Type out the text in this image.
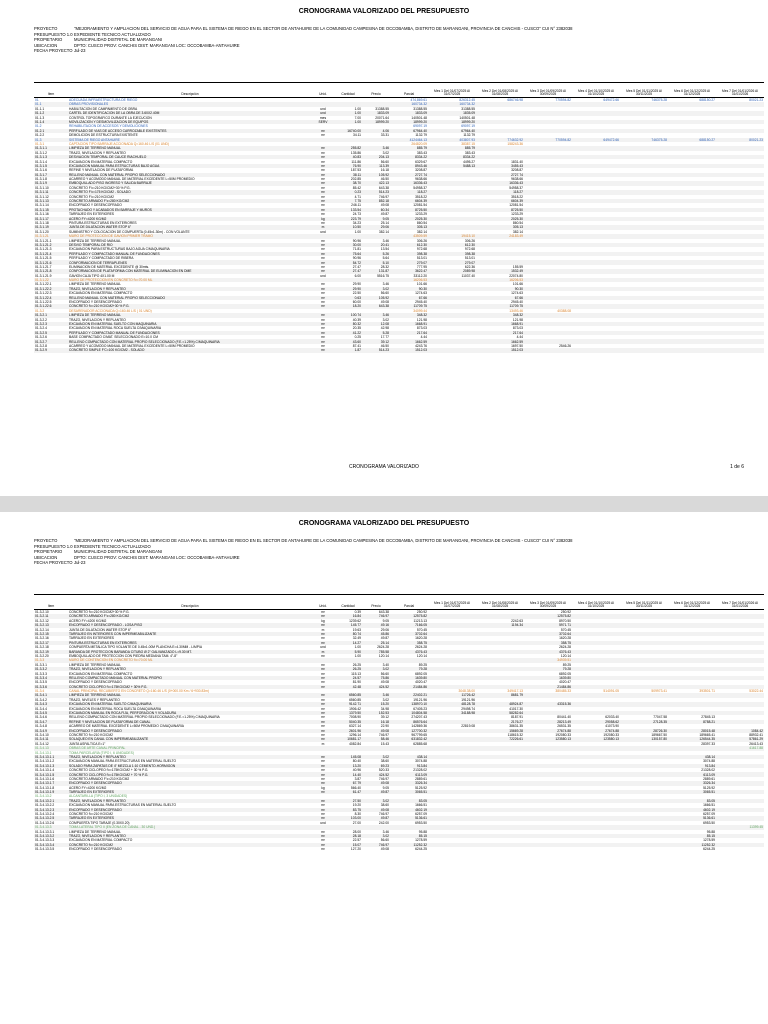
CRONOGRAMA VALORIZADO DEL PRESUPUESTO
PROYECTO	"MEJORAMIENTO Y AMPLIACION DEL SERVICIO DE AGUA PARA EL SISTEMA DE RIEGO EN EL SECTOR DE ANTAHUIRE DE LA COMUNIDAD CAMPESINA DE OCCOBAMBA, DISTRITO DE MARANGANI, PROVINCIA DE CANCHIS - CUSCO" CUI N° 2382038
PRESUPUESTO 1.0 EXPEDIENTE TECNICO ACTUALIZADO
PROPIETARIO	MUNICIPALIDAD DISTRITAL DE MARANGANI
UBICACION	DPTO: CUSCO PROV: CANCHIS DIST: MARANGANI LOC: OCCOBAMBA-ANTAHUIRE
FECHA PROYECTO Jul-23
Item	Descripción	Unid.	Cantidad	Precio	Parcial	Mes 1 Del 01/07/2025 Al 31/07/2025	Mes 2 Del 01/08/2025 Al 31/08/2025	Mes 3 Del 01/09/2025 Al 30/09/2025	Mes 4 Del 01/10/2025 Al 31/10/2025	Mes 5 Del 01/11/2025 Al 30/11/2025	Mes 6 Del 01/12/2025 Al 31/12/2025	Mes 7 Del 01/01/2026 Al 31/01/2026
01	ADECUADA INFRAESTRUCTURA DE RIEGO				474,869.61	826312.45	686746.98	770594.82	649472.66	746375.28	688150.27	80021.23
01.1	OBRAS PROVISIONALES				160734.32	160734.32						
01.1.1	HABILITACION DE CAMPAMENTO DE OBRA	und	1.00	31388.55	31388.55	31388.55						
01.1.2	CARTEL DE IDENTIFICACION DE LA OBRA DE 3.60X2.40M	und	1.00	1833.09	1833.09	1835.09						
01.1.3	CONTROL TOPOGRAFICO DURANTE LA EJECUCION	mes	7.00	20071.64	140501.48	140501.48						
01.1.4	MOVILIZACION Y DESMOVILIZACION DE EQUIPOS	SERV	1.00	18999.20	18999.20	18999.20						
01.2	REHABILITACION DE ACCESOS Y DEMOLICIONES				69097.19	69097.19						
01.2.1	PERFILADO DE VIAS DE ACCESO CARROZABLE EXISTENTES	m²	16740.00	4.06	67964.40	67964.40						
01.2.2	DEMOLICION DE ESTRUCTURA EXISTENTE	m³	34.11	33.31	1132.79	1132.79						
01.3	SISTEMA DE RIEGO ANTAHUIRE				4124464.13	403807.93	774632.92	770594.82	649472.66	746375.28	688150.27	80021.23
01.3.1	CAPTACION TIPO BARRAJE ACCIONADA Q=160.46 L/S (01 UND)				264820.09	38387.15	158243.36					
01.3.1.1	LIMPIEZA DE TERRENO MANUAL	m²	255.82	3.46	885.79	885.79						
01.3.1.2	TRAZO, NIVELACION Y REPLANTEO	m²	135.86	3.02	383.43	383.43						
01.3.1.3	DESVIACION TEMPORAL DE CAUCE RIACHUELO	m³	40.83	204.13	8334.22	8334.22						
01.3.1.4	EXCAVACION EN MATERIAL COMPACTO	m³	111.86	56.60	6329.67	4495.27	1831.40					
01.3.1.5	EXCAVACION MANUAL PARA ESTRUCTURAS BAJO AGUA	m³	76.90	113.39	8943.46	5488.13	3455.43					
01.3.1.6	REFINE Y NIVELACION DE PLATAFORMA	m²	187.53	16.18	3208.87		3208.87					
01.3.1.7	RELLENO MANUAL CON MATERIAL PROPIO SELECCIONADO	m³	38.11	105.92	2727.74		2727.74					
01.3.1.8	ACARREO Y ACOMODO MANUAL DE MATERIAL EXCEDENTE L=50M PROMEDIO	m³	202.85	46.50	9638.66		9638.66					
01.3.1.9	EMBOQUILLADO PISO INGRESO Y SALIDA BARRAJE	m³	38.70	422.13	16336.43		16336.43					
01.3.1.10	CONCRETO F'c=210 KG/CM2+30 % P.G.	m³	85.42	643.38	54958.37		54958.37					
01.3.1.11	CONCRETO F'c=175 KG/CM2 - SOLADO	m²	0.23	514.23	118.27		118.27					
01.3.1.12	CONCRETO F'c=210 KG/CM2	m³	4.71	746.97	3518.22		3518.22					
01.3.1.13	CONCRETO ARMADO F'c=280 KG/CM2	m³	7.75	852.18	6604.39		6604.39					
01.3.1.14	ENCOFRADO Y DESENCOFRADO	m²	246.11	49.08	12081.54		12081.54					
01.3.1.15	PROTACHADO Y ACABADOS EN BARRAJE Y MUROS	m²	133.54	60.34	8725.50		8725.50					
01.3.1.16	TARRAJEO EN EXTERIORES	m²	24.73	49.87	1233.29		1233.29					
01.3.1.17	ACERO FY=4200 KG/M2	kg	223.79	9.05	2025.30		2025.30					
01.3.1.18	PINTURA ESTRUCTURAS EN EXTERIORES	m²	34.23	25.14	860.54		860.54					
01.3.1.19	JUNTA DE DILATACION WATER STOP 6"	m	10.50	29.06	305.13		305.13					
01.3.1.20	SUMINISTRO Y COLOCACION DE COMPUERTA (0.45x1.30m) - CON VOLANTE	und	1.00	382.14	382.14		382.14					
01.3.1.21	MURO DE PROTECCION DE GAVION PRIMER TRAMO				43509.59	19415.10	24183.49					
01.3.1.21.1	LIMPIEZA DE TERRENO MANUAL	m²	90.96	3.46	306.26	306.26						
01.3.1.21.2	DESVIO TEMPORAL DE RIO	m³	30.00	20.41	612.30	612.30						
01.3.1.21.3	EXCAVACION PARA ESTRUCTURAS BAJO AGUA C/MAQUINARIA	m³	71.81	13.54	972.68	972.68						
01.3.1.21.4	PERFILADO Y COMPACTADO MANUAL DE FUNDACIONES	m²	75.64	5.26	398.38	398.38						
01.3.1.21.5	PERFILADO Y COMPACTADO DE RIBERA	m²	90.96	5.64	513.01	513.01						
01.3.1.21.6	CONFORMACION DE TERRAPLENES	m³	54.72	5.10	279.07	279.07						
01.3.1.21.7	ELIMINACION DE MATERIAL EXCEDENTE @ 30mts.	m³	27.47	28.32	777.95	622.36	155.59					
01.3.1.21.8	CONFORMACION DE PLATAFORMA CON MATERIAL DE ELIMINACION EN DME	m³	27.47	131.87	3622.47	2089.98	1532.49					
01.3.1.21.9	GAVION CAJA TIPO 4X1.00 M	und	6.00	5516.75	33112.20	11037.40	22074.80					
01.3.1.22	MURO DE PROTECCION EN CONCRETO f'c=70.00 ML				16206.53		16206.53					
01.3.1.22.1	LIMPIEZA DE TERRENO MANUAL	m²	29.90	3.46	101.66		101.66					
01.3.1.22.2	TRAZO, NIVELACION Y REPLANTEO	m²	29.90	3.02	90.30		90.30					
01.3.1.22.3	EXCAVACION EN MATERIAL COMPACTO	m³	22.50	56.60	1274.63		1274.63					
01.3.1.22.4	RELLENO MANUAL CON MATERIAL PROPIO SELECCIONADO	m³	0.63	105.92	67.66		67.66					
01.3.1.22.5	ENCOFRADO Y DESENCOFRADO	m²	60.00	49.08	2945.40		2945.40					
01.3.1.22.6	CONCRETO f'c=210 KG/CM2+30 % P.G.	m³	18.20	643.38	11709.75		11709.75					
01.3.2	DESARENADOR ACCIONADA Q=160.46 L/S ( 01 UND)				34099.44		13493.46	40388.08				
01.3.2.1	LIMPIEZA DE TERRENO MANUAL	m²	100.74	3.46	348.32		348.32					
01.3.2.2	TRAZO, NIVELACION Y REPLANTEO	m²	40.39	3.02	121.98		121.98					
01.3.2.3	EXCAVACION EN MATERIAL SUELTO CON MAQUINARIA	m³	80.32	12.08	1668.91		1668.91					
01.3.2.4	EXCAVACION EN MATERIAL ROCA SUELTA C/MAQUINARIA	m³	20.35	42.98	873.03		873.03					
01.3.2.5	PERFILADO Y COMPACTADO MANUAL DE FUNDACIONES	m²	41.22	5.28	217.64		217.64					
01.3.2.6	BASE COMPACTADO C/MAT. SELECCIONADO E=10.0 CM	m²	0.25	17.77	4.44		4.44					
01.3.2.7	RELLENO COMPACTADO CON MATERIAL PROPIO SELECCIONADO (F.E.=1.25%) C/MAQUINARIA	m³	43.60	39.12	1662.59		1662.59					
01.3.2.8	ACARREO Y ACOMODO MANUAL DE MATERIAL EXCEDENTE L=50M PROMEDIO	m³	87.41	46.50	4243.76		1697.50	2546.26				
01.3.2.9	CONCRETO SIMPLE F'C=100 KG/CM2 - SOLADO	m²	1.87	514.23	1512.03		1512.03					
CRONOGRAMA VALORIZADO	1 de 6
CRONOGRAMA VALORIZADO DEL PRESUPUESTO
PROYECTO	"MEJORAMIENTO Y AMPLIACION DEL SERVICIO DE AGUA PARA EL SISTEMA DE RIEGO EN EL SECTOR DE ANTAHUIRE DE LA COMUNIDAD CAMPESINA DE OCCOBAMBA, DISTRITO DE MARANGANI, PROVINCIA DE CANCHIS - CUSCO" CUI N° 2382038
PRESUPUESTO 1.0 EXPEDIENTE TECNICO ACTUALIZADO
PROPIETARIO	MUNICIPALIDAD DISTRITAL DE MARANGANI
UBICACION	DPTO: CUSCO PROV: CANCHIS DIST: MARANGANI LOC: OCCOBAMBA-ANTAHUIRE
FECHA PROYECTO Jul-23
Item	Descripción	Unid.	Cantidad	Precio	Parcial	Mes 1 Del 01/07/2025 Al 31/07/2025	Mes 2 Del 01/08/2025 Al 31/08/2025	Mes 3 Del 01/09/2025 Al 30/09/2025	Mes 4 Del 01/10/2025 Al 31/10/2025	Mes 5 Del 01/11/2025 Al 30/11/2025	Mes 6 Del 01/12/2025 Al 31/12/2025	Mes 7 Del 01/01/2026 Al 31/01/2026	
01.3.2.10	CONCRETO f'c=210 KG/CM2+30 % P.G.	m³	0.39	643.38	250.92			250.92					
01.3.2.11	CONCRETO ARMADO F'c=280 KG/CM2	m³	16.84	746.97	12575.82			12575.82					
01.3.2.12	ACERO FY=4200 KG/M2	kg	1239.62	9.05	11213.13		2242.63	8970.50					
01.3.2.13	ENCOFRADO Y DESENCOFRADO - LOSA PISO	m²	145.77	49.16	7166.05		1194.34	5971.71					
01.3.2.14	JUNTA DE DILATACION WATER STOP 6"	m	19.63	29.06	570.45			570.45					
01.3.2.15	TARRAJEO EN INTERIORES CON IMPERMEABILIZANTE	m²	80.74	45.86	3702.64			3702.64					
01.3.2.16	TARRAJEO EN EXTERIORES	m²	32.49	49.87	1620.28			1620.28					
01.3.2.17	PINTURA ESTRUCTURAS EN EXTERIORES	m²	14.27	25.14	358.75			358.75					
01.3.2.18	COMPUERTA METALICA TIPO VOLANTE DE 0.45x1.00M PLANCHA E=4.30MM - LIMPIA	und	1.00	2624.28	2624.28			2624.28					
01.3.2.19	BARANDA DE PROTECCION BARANDA C/TUBO Ø 2" GALVANIZADO L=9.30 MT.	m	5.90	785.58	4376.43			4376.43					
01.3.2.20	EMBOQUILLADO DE PROTECCION CON PIEDRA MEDIANA TAM. 4"-8"	m²	1.00	120.14	120.14			120.14					
01.3.3	MURO DE CONTENCION EN CONCRETO f'c=70.00 ML							34939.51					
01.3.3.1	LIMPIEZA DE TERRENO MANUAL	m²	26.25	3.40	89.25			89.25					
01.3.3.2	TRAZO, NIVELACION Y REPLANTEO	m²	26.25	3.02	79.28			79.28					
01.3.3.3	EXCAVACION EN MATERIAL COMPACTO	m³	115.13	56.60	6892.05			6892.05					
01.3.3.4	RELLENO COMPACTADO MANUAL CON MATERIAL PROPIO	m³	24.57	75.86	1639.80			1639.80					
01.3.3.5	ENCOFRADO Y DESENCOFRADO	m²	81.90	49.08	4020.47			4020.47					
01.3.3.6	CONCRETO CICLOPEO f'c=175KG/CM2 + 30% P.G.	m³	42.48	424.52	21484.86			21484.86					
01.3.4	CANAL PRINCIPAL RECUBIERTO EN CONCRETO Q=160.46 L/S (0+000.00 Km / 6+930.83m)					3048.38.00	349417.13	380485.33	514091.05	509973.41	393501.71	53022.44	
01.3.4.1	LIMPIEZA DE TERRENO MANUAL	m²	6560.85	3.46	22402.21	11726.42	8681.79						
01.3.4.2	TRAZO, NIVELES Y REPLANTEO	m²	6560.85	3.02	19121.96	19121.96							
01.3.4.3	EXCAVACION EN MATERIAL SUELTO C/MAQUINARIA	m³	9142.71	15.20	138970.10	48128.78	48924.87	43315.36					
01.3.4.4	EXCAVACION EN MATERIAL ROCA SUELTA C/MAQUINARIA	m³	1906.42	34.98	67405.23	29498.74	41017.30						
01.3.4.5	EXCAVACION MANUAL EN ROCA FIJA, PERFORACION Y VOLADURA	m³	1379.50	152.53	104804.58	34188.98	58282.64						
01.3.4.6	RELLENO COMPACTADO CON MATERIAL PROPIO SELECCIONADO (F.E.=1.25%) C/MAQUINARIA	m³	7008.90	39.12	274207.43		8187.91	80441.40	62033.40	77047.58	27845.13		
01.3.4.7	REFINE Y NIVELACION DE PLATAFORMA DE CANAL	m²	5040.35	16.18	86576.64		2176.27	28213.49	29058.62	27128.35	8788.21		
01.3.4.8	ACARREO DE MATERIAL EXCEDENTE L=50M PROMEDIO C/MAQUINARIA	m³	6327.14	22.90	142869.36	22819.08	38631.35	26531.35	41073.90				
01.3.4.9	ENCOFRADO Y DESENCOFRADO	m²	2601.96	49.08	127700.32		15669.28	27674.88	27674.88	28726.30	28015.48	1084.42	
01.3.4.10	CONCRETO f'c=210 KG/CM2	m³	1296.14	746.97	967799.65		118615.32	192080.33	192080.33	189667.50	189665.41	88932.41	
01.3.4.11	SOLAQUEO EN CANAL CON IMPERMEABILIZANTE	m²	10681.17	58.46	631832.42		72226.61	123580.13	123580.13	130157.80	126544.35	57861.29	
01.3.4.12	JUNTA ASFALTICA E=1"	m	4082.84	15.43	62885.68						28397.33	26413.43	
01.3.4.13	OBRAS DE ARTE CANAL PRINCIPAL											41617.88	
01.3.4.13.1	TOMA PARCELARIA (TIPO I, 6 UNIDADES)												
01.3.4.13.1.1	TRAZO, NIVELACION Y REPLANTEO	m²	145.08	3.02	438.14						438.14		
01.3.4.13.1.2	EXCAVACION MANUAL PARA ESTRUCTURAS EN MATERIAL SUELTO	m³	80.40	38.60	3074.88						3074.88		
01.3.4.13.1.3	SOLADO PARA ZAPATAS DE 4" MEZCLA 1:10 CEMENTO-HORMIGON	m²	13.20	69.23	913.84						913.84		
01.3.4.13.1.4	CONCRETO CICLOPEO f'c=175KG/CM2 + 30 % P.G.	m³	40.96	520.33	21328.02						21328.02		
01.3.4.13.1.5	CONCRETO CICLOPEO f'c=175KG/CM2 + 70 % P.G.	m³	14.40	424.52	6113.09						6113.09		
01.3.4.13.1.6	CONCRETO ARMADO F'c=210 KG/CM2	m³	3.87	746.97	2889.61						2889.61		
01.3.4.13.1.7	ENCOFRADO Y DESENCOFRADO	m²	67.79	49.08	3326.34						3326.34		
01.3.4.13.1.8	ACERO FY=4200 KG/M2	kg	566.40	9.05	5125.92						5125.92		
01.3.4.13.1.9	TARRAJEO EN EXTERIORES	m²	61.47	49.87	3065.51						3065.51		
01.3.4.13.2	ALCANTARILLA (TIPO I, 3 UNIDADES)												
01.3.4.13.2.1	TRAZO, NIVELACION Y REPLANTEO	m²	27.50	3.02	83.05						83.05		
01.3.4.13.2.2	EXCAVACION MANUAL PARA ESTRUCTURAS EN MATERIAL SUELTO	m³	19.20	38.60	1666.51						1666.51		
01.3.4.13.2.3	ENCOFRADO Y DESENCOFRADO	m²	83.75	49.08	4602.19						4602.19		
01.3.4.13.2.4	CONCRETO f'c=210 KG/CM2	m³	8.30	746.97	6257.09						6257.09		
01.3.4.13.2.5	TARRAJEO EN EXTERIORES	m²	103.00	49.87	5136.61						5136.61		
01.3.4.13.2.6	COMPUERTA TIPO TARAJE (0.30X0.20)	und	27.00	242.00	6953.50						6953.50		
01.3.4.13.3	TOMA LATERAL TIPO II (EN ZONA DE CANAL - 30 UND.)											11399.45	
01.3.4.13.3.1	LIMPIEZA DE TERRENO MANUAL	m²	28.00	3.46	95.88						95.88		
01.3.4.13.3.2	TRAZO, NIVELACION Y REPLANTEO	m²	28.18	3.02	85.15						85.15		
01.3.4.13.3.3	EXCAVACION EN MATERIAL COMPACTO	m³	22.57	56.60	1278.59						1278.59		
01.3.4.13.3.4	CONCRETO f'c=210 KG/CM2	m³	15.07	746.97	11252.32						11252.32		
01.3.4.13.3.5	ENCOFRADO Y DESENCOFRADO	m²	127.20	49.08	6244.25						6244.25		
